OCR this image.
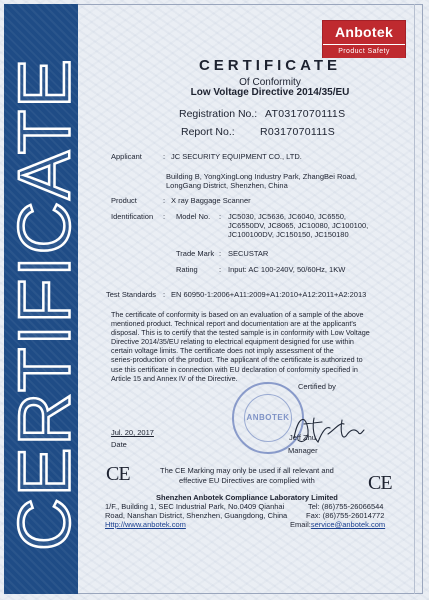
CERTIFICATE
Anbotek
Product Safety
CERTIFICATE
Of Conformity
Low Voltage Directive 2014/35/EU
Registration No.: AT0317070111S
Report No.: R0317070111S
Applicant	: JC SECURITY EQUIPMENT CO., LTD.
Building B, YongXingLong Industry Park, ZhangBei Road,
LongGang District, Shenzhen, China
Product	: X ray Baggage Scanner
Identification : Model No. : JC5030, JC5636, JC6040, JC6550,
JC6550DV, JC8065, JC10080, JC100100,
JC100100DV, JC150150, JC150180
Trade Mark : SECUSTAR
Rating	: Input: AC 100-240V, 50/60Hz, 1KW
Test Standards : EN 60950-1:2006+A11:2009+A1:2010+A12:2011+A2:2013
The certificate of conformity is based on an evaluation of a sample of the above
mentioned product. Technical report and documentation are at the applicant's
disposal. This is to certify that the tested sample is in conformity with Low Voltage
Directive 2014/35/EU relating to electrical equipment designed for use within
certain voltage limits. The certificate does not imply assessment of the
series-production of the product. The applicant of the certificate is authorized to
use this certificate in connection with EU declaration of conformity specified in
Article 15 and Annex IV of the Directive.
Certified by
ANBOTEK
Jul. 20, 2017
Date
Jeff Zhu
Manager
CE	CE
The CE Marking may only be used if all relevant and
effective EU Directives are complied with
Shenzhen Anbotek Compliance Laboratory Limited
1/F., Building 1, SEC Industrial Park, No.0409 Qianhai
Road, Nanshan District, Shenzhen, Guangdong, China
Http://www.anbotek.com
Tel: (86)755-26066544
Fax: (86)755-26014772
Email:service@anbotek.com
